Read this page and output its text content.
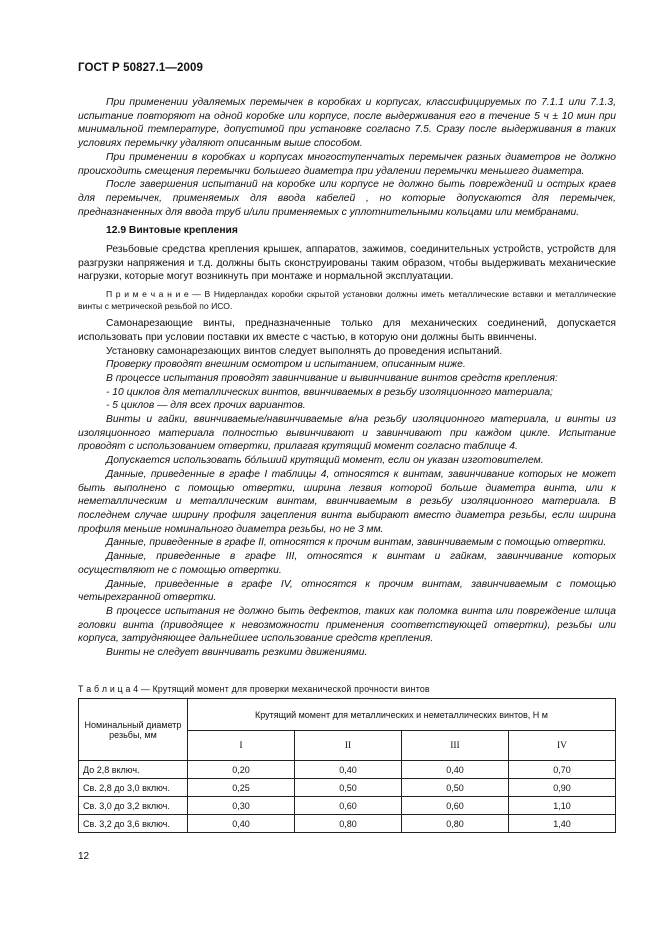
ГОСТ Р 50827.1—2009

При применении удаляемых перемычек в коробках и корпусах, классифицируемых по 7.1.1 или 7.1.3, испытание повторяют на одной коробке или корпусе, после выдерживания его в течение 5 ч ± 10 мин при минимальной температуре, допустимой при установке согласно 7.5. Сразу после выдерживания в таких условиях перемычку удаляют описанным выше способом.

При применении в коробках и корпусах многоступенчатых перемычек разных диаметров не должно происходить смещения перемычки большего диаметра при удалении перемычки меньшего диаметра.

После завершения испытаний на коробке или корпусе не должно быть повреждений и острых краев для перемычек, применяемых для ввода кабелей , но которые допускаются для перемычек, предназначенных для ввода труб и/или применяемых с уплотнительными кольцами или мембранами.

12.9 Винтовые крепления

Резьбовые средства крепления крышек, аппаратов, зажимов, соединительных устройств, устройств для разгрузки напряжения и т.д. должны быть сконструированы таким образом, чтобы выдерживать механические нагрузки, которые могут возникнуть при монтаже и нормальной эксплуатации.

П р и м е ч а н и е — В Нидерландах коробки скрытой установки должны иметь металлические вставки и металлические винты с метрической резьбой по ИСО.

Самонарезающие винты, предназначенные только для механических соединений, допускается использовать при условии поставки их вместе с частью, в которую они должны быть ввинчены.

Установку самонарезающих винтов следует выполнять до проведения испытаний.

Проверку проводят внешним осмотром и испытанием, описанным ниже.

В процессе испытания проводят завинчивание и вывинчивание винтов средств крепления:

- 10 циклов для металлических винтов, ввинчиваемых в резьбу изоляционного материала;

- 5 циклов — для всех прочих вариантов.

Винты и гайки, ввинчиваемые/навинчиваемые в/на резьбу изоляционного материала, и винты из изоляционного материала полностью вывинчивают и завинчивают при каждом цикле. Испытание проводят с использованием отвертки, прилагая крутящий момент согласно таблице 4.

Допускается использовать бо́льший крутящий момент, если он указан изготовителем.

Данные, приведенные в графе I таблицы 4, относятся к винтам, завинчивание которых не может быть выполнено с помощью отвертки, ширина лезвия которой больше диаметра винта, или к неметаллическим и металлическим винтам, ввинчиваемым в резьбу изоляционного материала. В последнем случае ширину профиля зацепления винта выбирают вместо диаметра резьбы, если ширина профиля меньше номинального диаметра резьбы, но не 3 мм.

Данные, приведенные в графе II, относятся к прочим винтам, завинчиваемым с помощью отвертки.

Данные, приведенные в графе III, относятся к винтам и гайкам, завинчивание которых осуществляют не с помощью отвертки.

Данные, приведенные в графе IV, относятся к прочим винтам, завинчиваемым с помощью четырехгранной отвертки.

В процессе испытания не должно быть дефектов, таких как поломка винта или повреждение шлица головки винта (приводящее к невозможности применения соответствующей отвертки), резьбы или корпуса, затрудняющее дальнейшее использование средств крепления.

Винты не следует ввинчивать резкими движениями.

Т а б л и ц а 4 — Крутящий момент для проверки механической прочности винтов
Номинальный диаметр резьбы, мм	Крутящий момент для металлических и неметаллических винтов, Н м			
	I	II	III	IV
До 2,8 включ.	0,20	0,40	0,40	0,70
Св. 2,8 до 3,0 включ.	0,25	0,50	0,50	0,90
Св. 3,0 до 3,2 включ.	0,30	0,60	0,60	1,10
Св. 3,2 до 3,6 включ.	0,40	0,80	0,80	1,40
12
